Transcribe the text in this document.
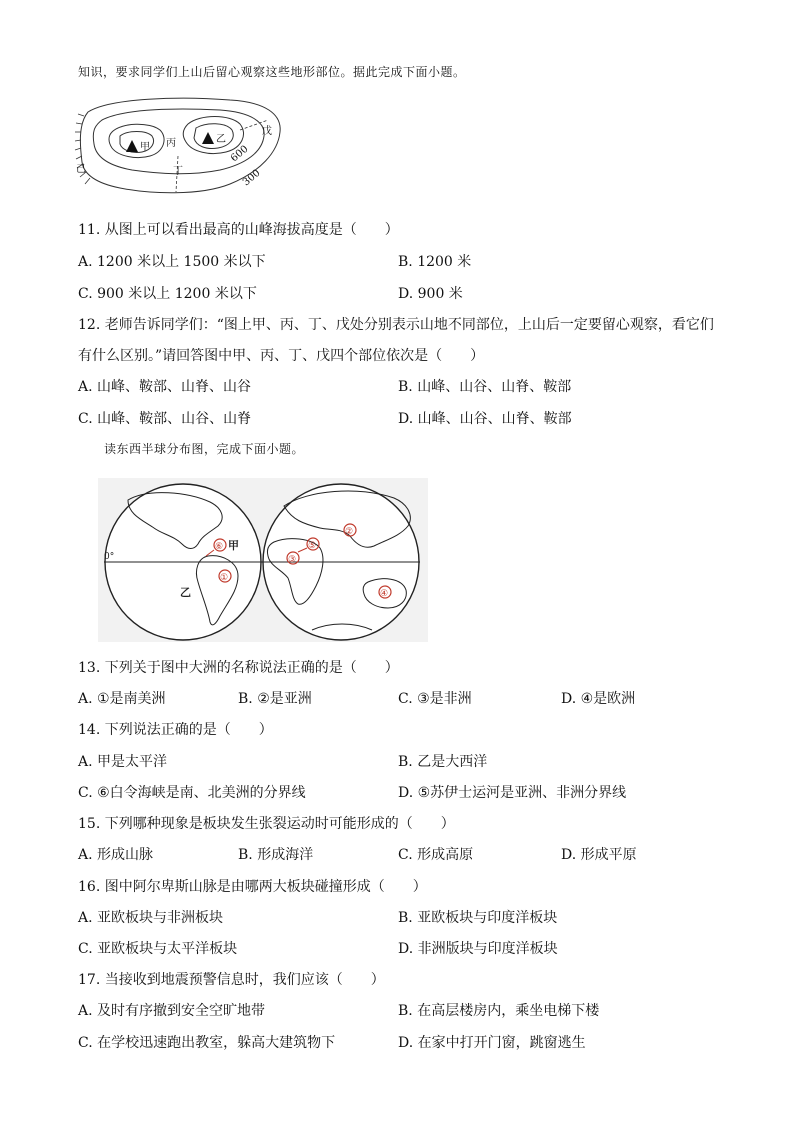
知识，要求同学们上山后留心观察这些地形部位。据此完成下面小题。
甲
乙
丙
丁
戊
己
600
300
11. 从图上可以看出最高的山峰海拔高度是（　　）
A. 1200 米以上 1500 米以下	B. 1200 米
C. 900 米以上 1200 米以下	D. 900 米
12. 老师告诉同学们：“图上甲、丙、丁、戊处分别表示山地不同部位，上山后一定要留心观察，看它们
有什么区别。”请回答图中甲、丙、丁、戊四个部位依次是（　　）
A. 山峰、鞍部、山脊、山谷	B. 山峰、山谷、山脊、鞍部
C. 山峰、鞍部、山谷、山脊	D. 山峰、山谷、山脊、鞍部
读东西半球分布图，完成下面小题。
0°
⑥
①
⑤
③
②
④
甲
乙
13. 下列关于图中大洲的名称说法正确的是（　　）
A. ①是南美洲	B. ②是亚洲	C. ③是非洲	D. ④是欧洲
14. 下列说法正确的是（　　）
A. 甲是太平洋	B. 乙是大西洋
C. ⑥白令海峡是南、北美洲的分界线	D. ⑤苏伊士运河是亚洲、非洲分界线
15. 下列哪种现象是板块发生张裂运动时可能形成的（　　）
A. 形成山脉	B. 形成海洋	C. 形成高原	D. 形成平原
16. 图中阿尔卑斯山脉是由哪两大板块碰撞形成（　　）
A. 亚欧板块与非洲板块	B. 亚欧板块与印度洋板块
C. 亚欧板块与太平洋板块	D. 非洲版块与印度洋板块
17. 当接收到地震预警信息时，我们应该（　　）
A. 及时有序撤到安全空旷地带	B. 在高层楼房内，乘坐电梯下楼
C. 在学校迅速跑出教室，躲高大建筑物下	D. 在家中打开门窗，跳窗逃生
